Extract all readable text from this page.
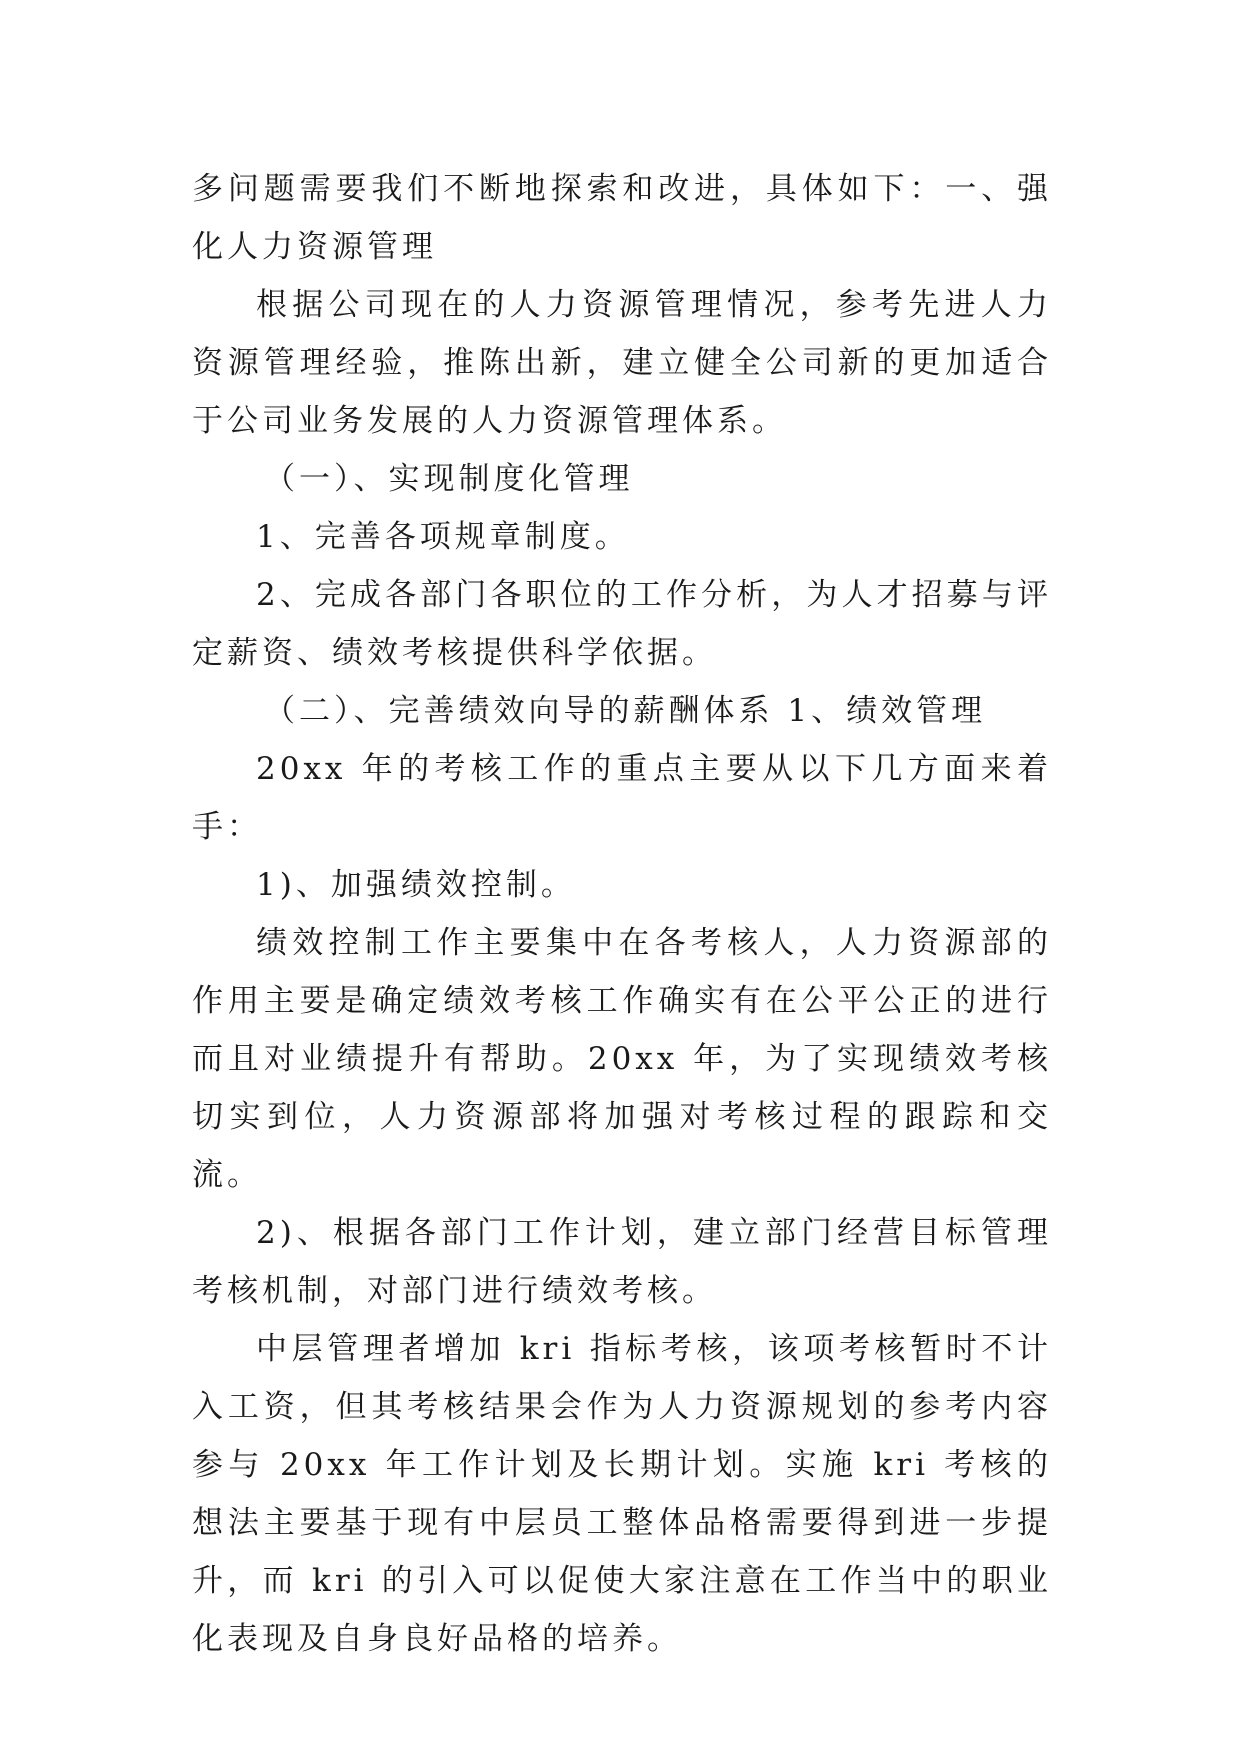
多问题需要我们不断地探索和改进，具体如下：一、强化人力资源管理

根据公司现在的人力资源管理情况，参考先进人力资源管理经验，推陈出新，建立健全公司新的更加适合于公司业务发展的人力资源管理体系。

（一）、实现制度化管理

1、完善各项规章制度。

2、完成各部门各职位的工作分析，为人才招募与评定薪资、绩效考核提供科学依据。

（二）、完善绩效向导的薪酬体系 1、绩效管理

20xx 年的考核工作的重点主要从以下几方面来着手：

1)、加强绩效控制。

绩效控制工作主要集中在各考核人，人力资源部的作用主要是确定绩效考核工作确实有在公平公正的进行而且对业绩提升有帮助。20xx 年，为了实现绩效考核切实到位，人力资源部将加强对考核过程的跟踪和交流。

2)、根据各部门工作计划，建立部门经营目标管理考核机制，对部门进行绩效考核。

中层管理者增加 kri 指标考核，该项考核暂时不计入工资，但其考核结果会作为人力资源规划的参考内容参与 20xx 年工作计划及长期计划。实施 kri 考核的想法主要基于现有中层员工整体品格需要得到进一步提升，而 kri 的引入可以促使大家注意在工作当中的职业化表现及自身良好品格的培养。
